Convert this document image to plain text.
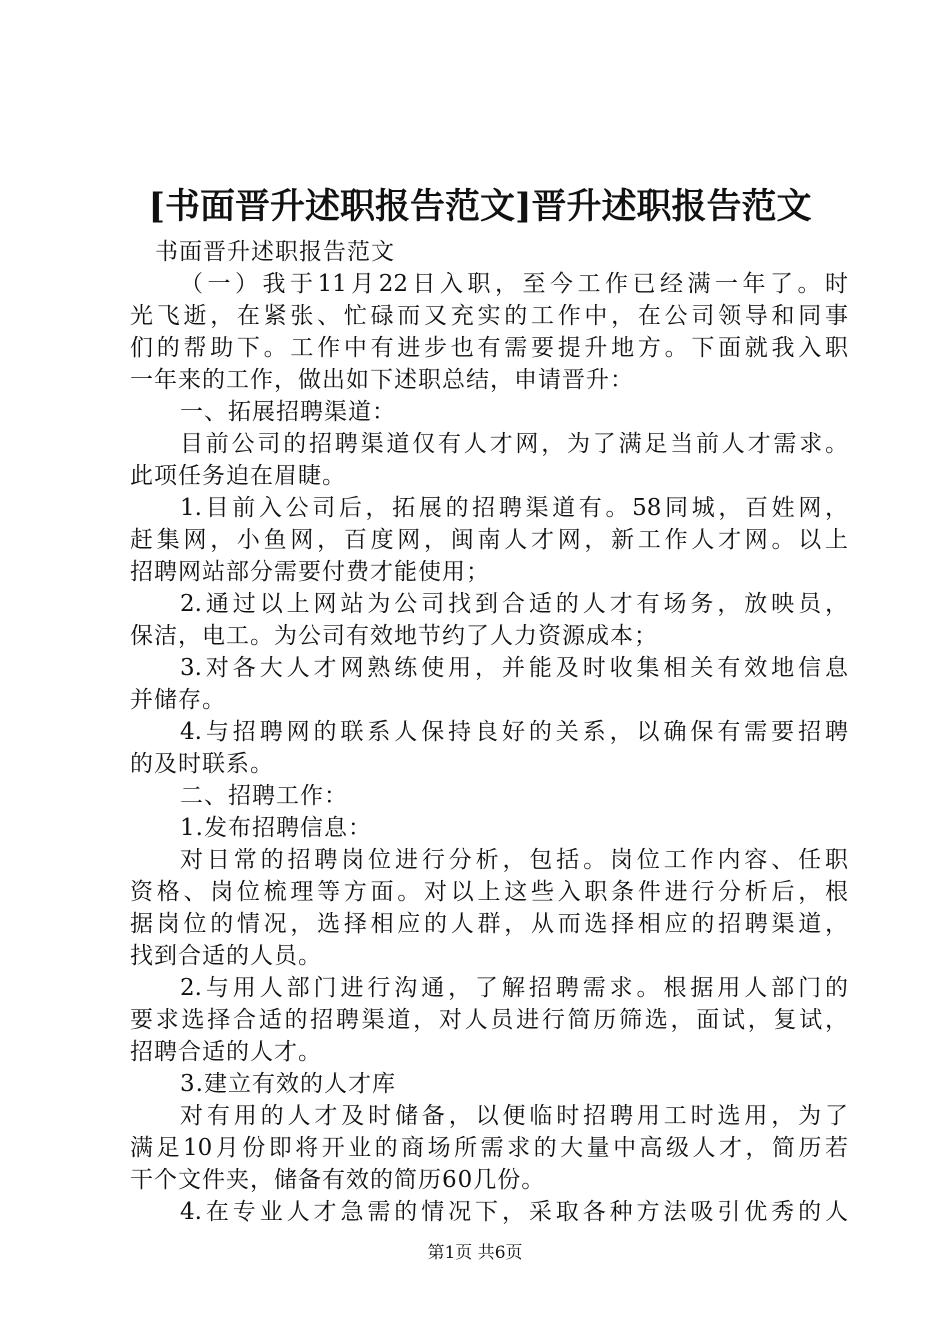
[书面晋升述职报告范文]晋升述职报告范文
书面晋升述职报告范文
（一）我于11月22日入职，至今工作已经满一年了。时
光飞逝，在紧张、忙碌而又充实的工作中，在公司领导和同事
们的帮助下。工作中有进步也有需要提升地方。下面就我入职
一年来的工作，做出如下述职总结，申请晋升：
一、拓展招聘渠道：
目前公司的招聘渠道仅有人才网，为了满足当前人才需求。
此项任务迫在眉睫。
1.目前入公司后，拓展的招聘渠道有。58同城，百姓网，
赶集网，小鱼网，百度网，闽南人才网，新工作人才网。以上
招聘网站部分需要付费才能使用；
2.通过以上网站为公司找到合适的人才有场务，放映员，
保洁，电工。为公司有效地节约了人力资源成本；
3.对各大人才网熟练使用，并能及时收集相关有效地信息
并储存。
4.与招聘网的联系人保持良好的关系，以确保有需要招聘
的及时联系。
二、招聘工作：
1.发布招聘信息：
对日常的招聘岗位进行分析，包括。岗位工作内容、任职
资格、岗位梳理等方面。对以上这些入职条件进行分析后，根
据岗位的情况，选择相应的人群，从而选择相应的招聘渠道，
找到合适的人员。
2.与用人部门进行沟通，了解招聘需求。根据用人部门的
要求选择合适的招聘渠道，对人员进行简历筛选，面试，复试，
招聘合适的人才。
3.建立有效的人才库
对有用的人才及时储备，以便临时招聘用工时选用，为了
满足10月份即将开业的商场所需求的大量中高级人才，简历若
干个文件夹，储备有效的简历60几份。
4.在专业人才急需的情况下，采取各种方法吸引优秀的人
第1页 共6页
